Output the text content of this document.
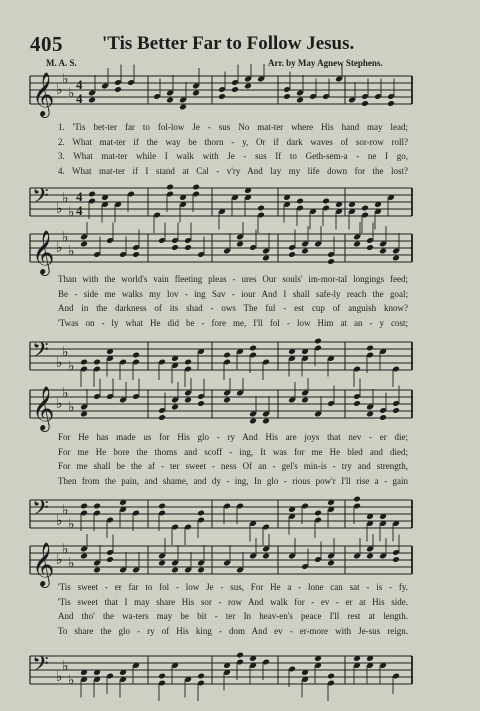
405 'Tis Better Far to Follow Jesus.
M. A. S.	Arr. by May Agnew Stephens.
𝄞 ♭
♭
♭
4
4
1. 'Tis bet-ter far to fol-low Je - sus No mat-ter where His hand may lead;
2. What mat-ter if the way be thorn - y, Or if dark waves of sor-row roll?
3. What mat-ter while I walk with Je - sus If to Geth-sem-a - ne I go,
4. What mat-ter if I stand at Cal - v'ry And lay my life down for the lost?
𝄢 ♭
♭
♭
4
4
𝄞 ♭
♭
♭
Than with the world's vain fleeting pleas - ures Our souls' im-mor-tal longings feed;
Be - side me walks my lov - ing Sav - iour And I shall safe-ly reach the goal;
And in the darkness of its shad - ows The ful - est cup of anguish know?
'Twas on - ly what He did be - fore me, I'll fol - low Him at an - y cost;
𝄢 ♭
♭
♭
𝄞 ♭
♭
♭
For He has made us for His glo - ry And His are joys that nev - er die;
For me He bore the thorns and scoff - ing, It was for me He bled and died;
For me shall be the af - ter sweet - ness Of an - gel's min-is - try and strength,
Then from the pain, and shame, and dy - ing, In glo - rious pow'r I'll rise a - gain
𝄢 ♭
♭
♭
𝄞 ♭
♭
♭
'Tis sweet - er far to fol - low Je - sus, For He a - lone can sat - is - fy.
'Tis sweet that I may share His sor - row And walk for - ev - er at His side.
And tho' the wa-ters may be bit - ter In heav-en's peace I'll rest at length.
To share the glo - ry of His king - dom And ev - er-more with Je-sus reign.
𝄢 ♭
♭
♭
